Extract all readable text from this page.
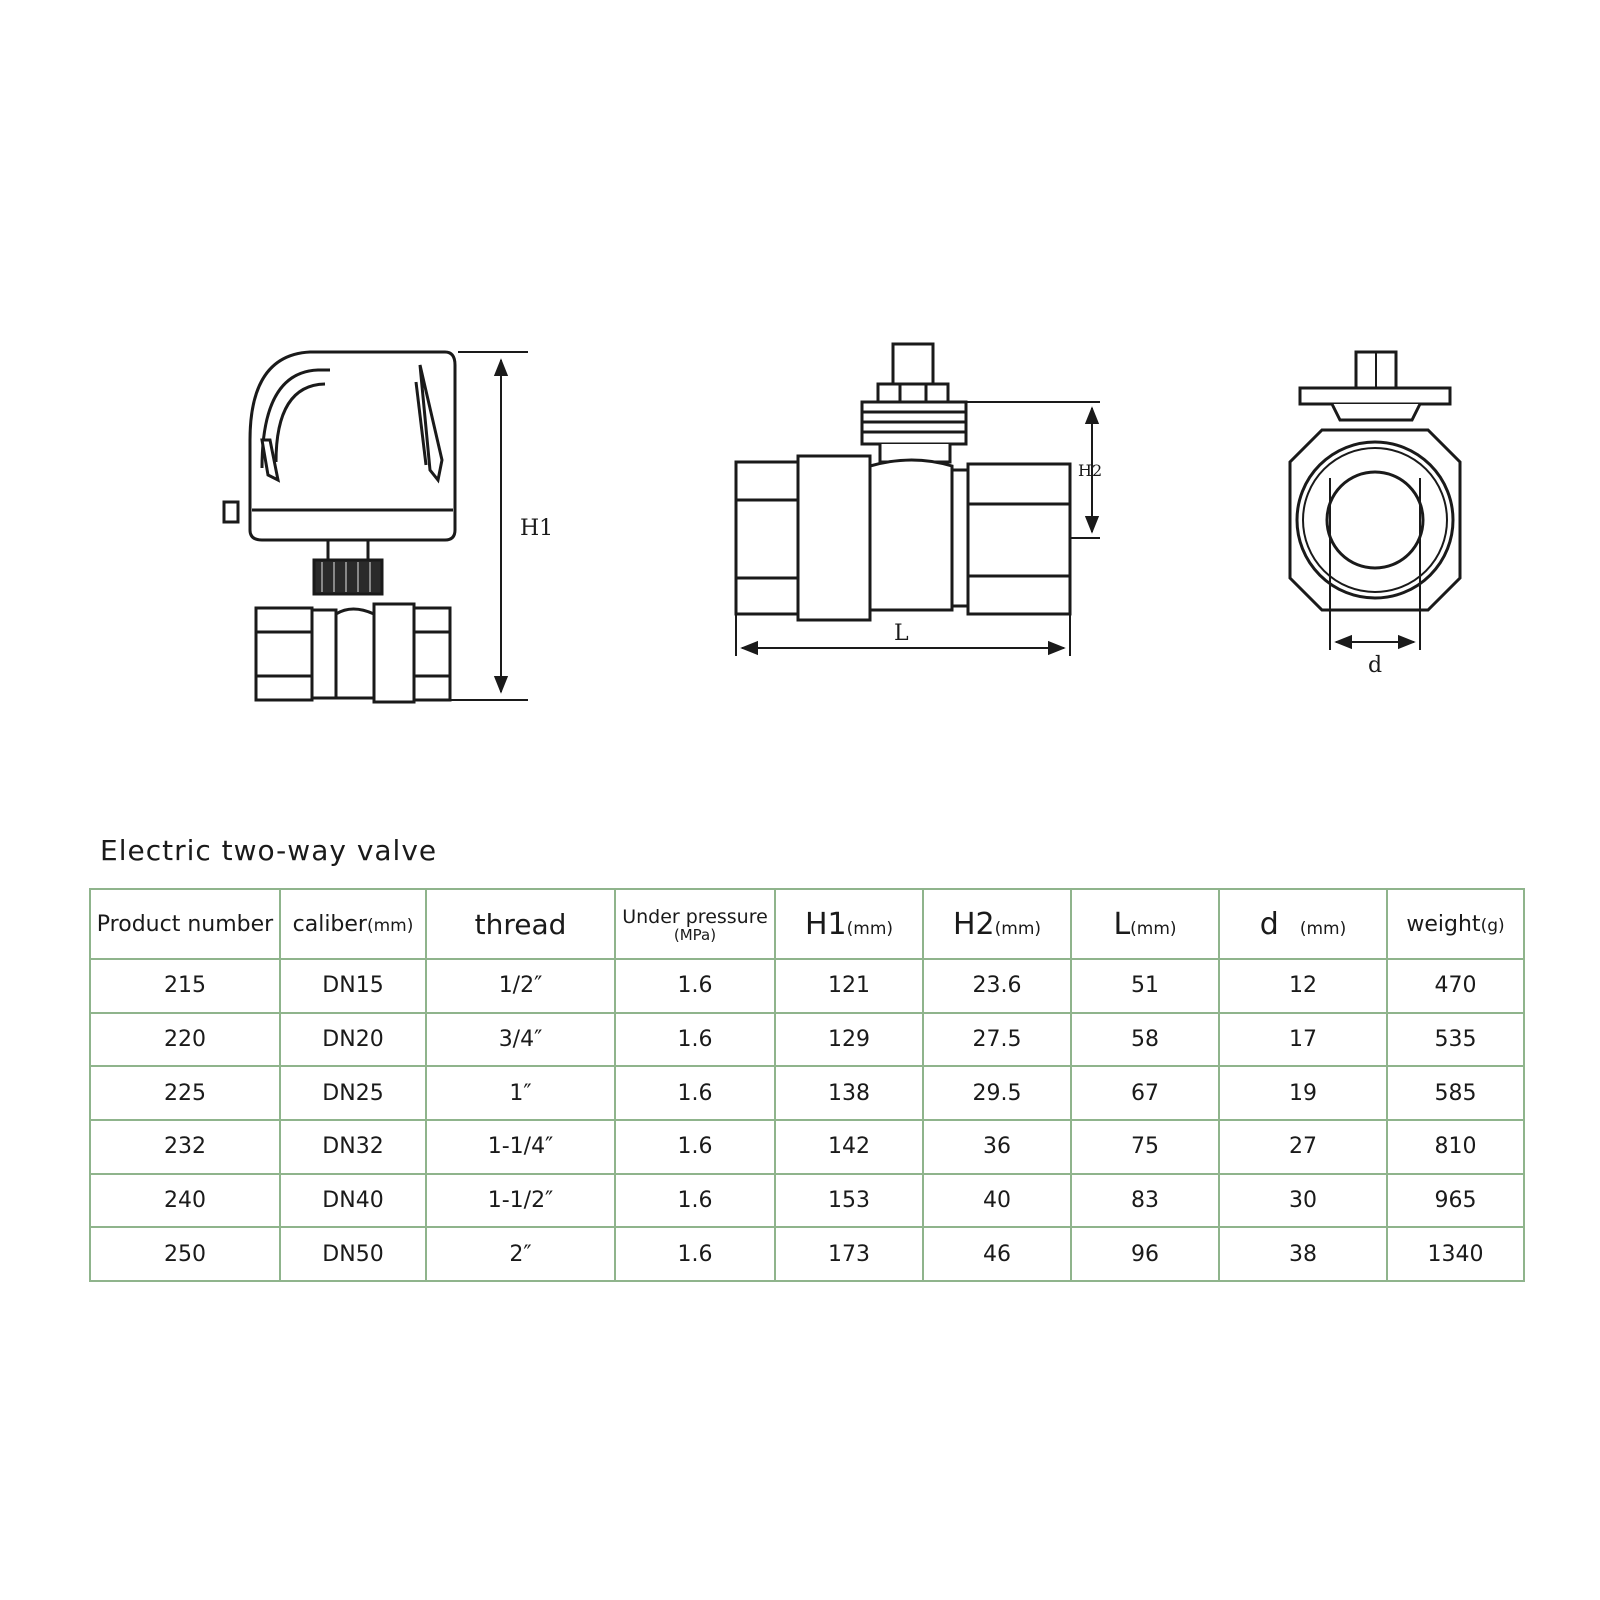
H1
H2
L
d
Electric two-way valve
Product number	caliber(mm)	thread	Under pressure
(MPa)	H1(mm)	H2(mm)	L(mm)	d (mm)	weight(g)
215	DN15	1/2″	1.6	121	23.6	51	12	470
220	DN20	3/4″	1.6	129	27.5	58	17	535
225	DN25	1″	1.6	138	29.5	67	19	585
232	DN32	1-1/4″	1.6	142	36	75	27	810
240	DN40	1-1/2″	1.6	153	40	83	30	965
250	DN50	2″	1.6	173	46	96	38	1340
